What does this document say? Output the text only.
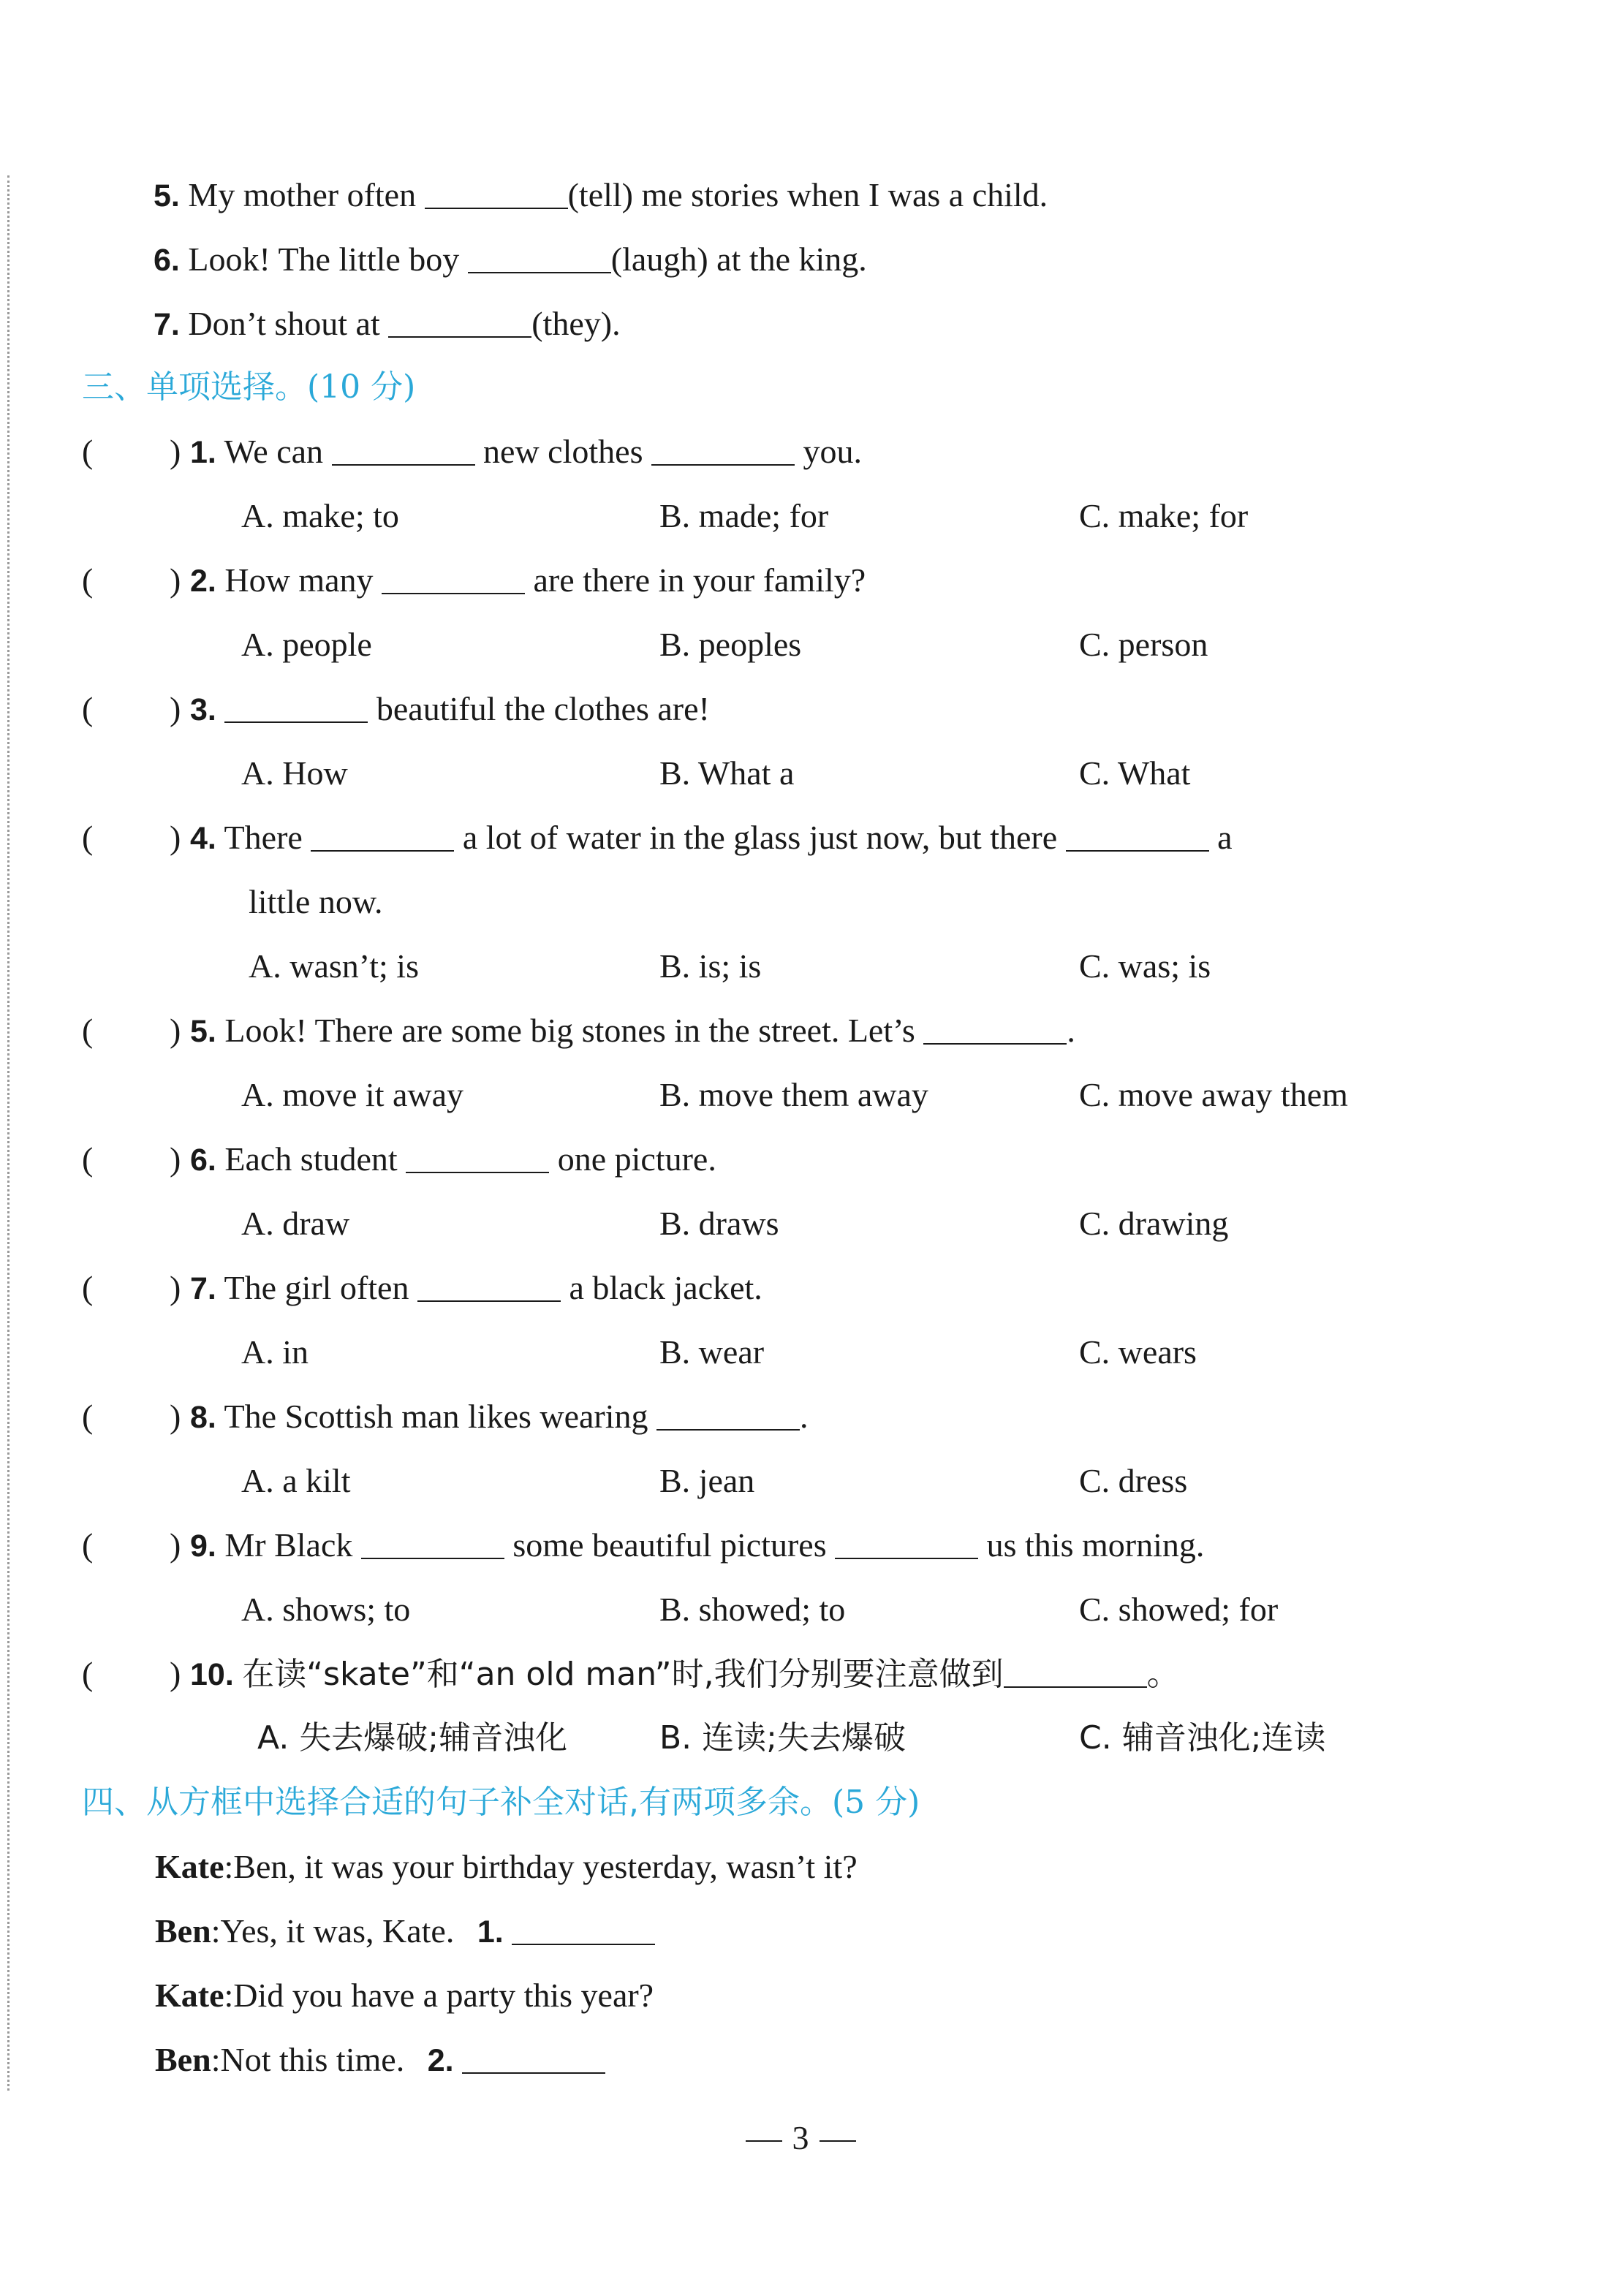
5. My mother often	(tell) me stories when I was a child.
6. Look! The little boy	(laugh) at the king.
7. Don’t shout at	(they).
三、单项选择。(10 分)
( ) 1. We can	new clothes	you.
A. make; to	B. made; for	C. make; for
( ) 2. How many	are there in your family?
A. people	B. peoples	C. person
( ) 3.	beautiful the clothes are!
A. How	B. What a	C. What
( ) 4. There	a lot of water in the glass just now, but there	a
little now.
A. wasn’t; is	B. is; is	C. was; is
( ) 5. Look! There are some big stones in the street. Let’s	.
A. move it away	B. move them away	C. move away them
( ) 6. Each student	one picture.
A. draw	B. draws	C. drawing
( ) 7. The girl often	a black jacket.
A. in	B. wear	C. wears
( ) 8. The Scottish man likes wearing	.
A. a kilt	B. jean	C. dress
( ) 9. Mr Black	some beautiful pictures	us this morning.
A. shows; to	B. showed; to	C. showed; for
( ) 10. 在读“skate”和“an old man”时,我们分别要注意做到	。
A. 失去爆破;辅音浊化	B. 连读;失去爆破	C. 辅音浊化;连读
四、从方框中选择合适的句子补全对话,有两项多余。(5 分)
Kate:Ben, it was your birthday yesterday, wasn’t it?
Ben:Yes, it was, Kate. 1.
Kate:Did you have a party this year?
Ben:Not this time. 2.
3
